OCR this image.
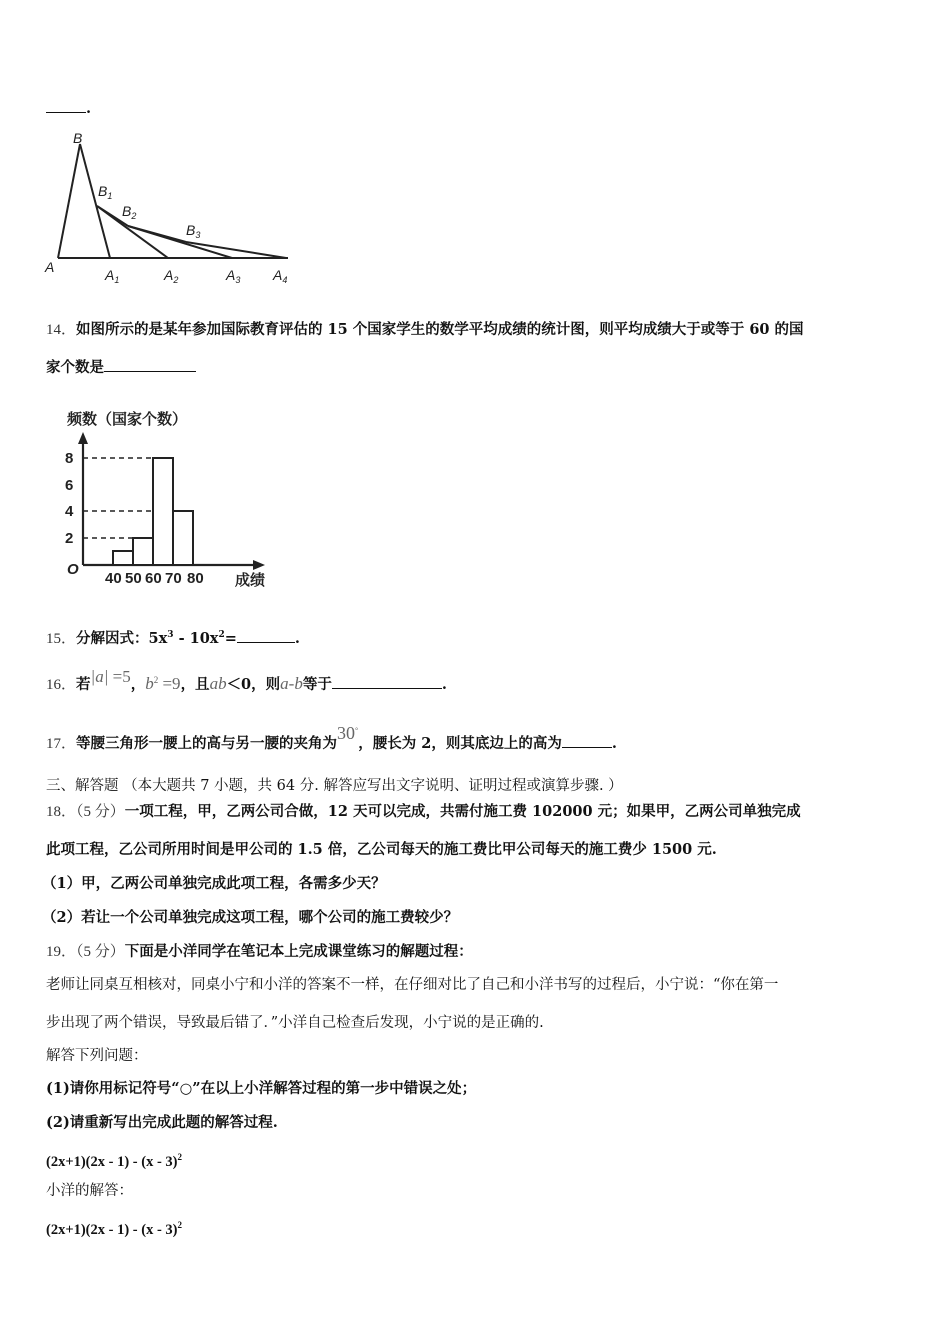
.
B
$B_1$
$B_2$
$B_3$
A	$A_1$	$A_2$	$A_3$ $A_4$
14．如图所示的是某年参加国际教育评估的 15 个国家学生的数学平均成绩的统计图，则平均成绩大于或等于 60 的国
家个数是
频数（国家个数）
2
4
6
8
O
40 50 60 70 80 成绩
15．分解因式：$5x^3 - 10x^2=$	.
16．若|a| =5，$b^2 =9$，且ab＜0，则a-b等于	.
17．等腰三角形一腰上的高与另一腰的夹角为30°，腰长为 2，则其底边上的高为	.
三、解答题 （本大题共 7 小题，共 64 分. 解答应写出文字说明、证明过程或演算步骤. ）
18．（5 分）一项工程，甲，乙两公司合做，12 天可以完成，共需付施工费 102000 元；如果甲，乙两公司单独完成
此项工程，乙公司所用时间是甲公司的 1.5 倍，乙公司每天的施工费比甲公司每天的施工费少 1500 元.
（1）甲，乙两公司单独完成此项工程，各需多少天？
（2）若让一个公司单独完成这项工程，哪个公司的施工费较少？
19．（5 分）下面是小洋同学在笔记本上完成课堂练习的解题过程：
老师让同桌互相核对，同桌小宁和小洋的答案不一样，在仔细对比了自己和小洋书写的过程后，小宁说：“你在第一
步出现了两个错误，导致最后错了．”小洋自己检查后发现，小宁说的是正确的.
解答下列问题：
(1)请你用标记符号“○”在以上小洋解答过程的第一步中错误之处；
(2)请重新写出完成此题的解答过程.
(2x+1)(2x - 1) - (x - 3)$^2$
小洋的解答：
(2x+1)(2x - 1) - (x - 3)$^2$
